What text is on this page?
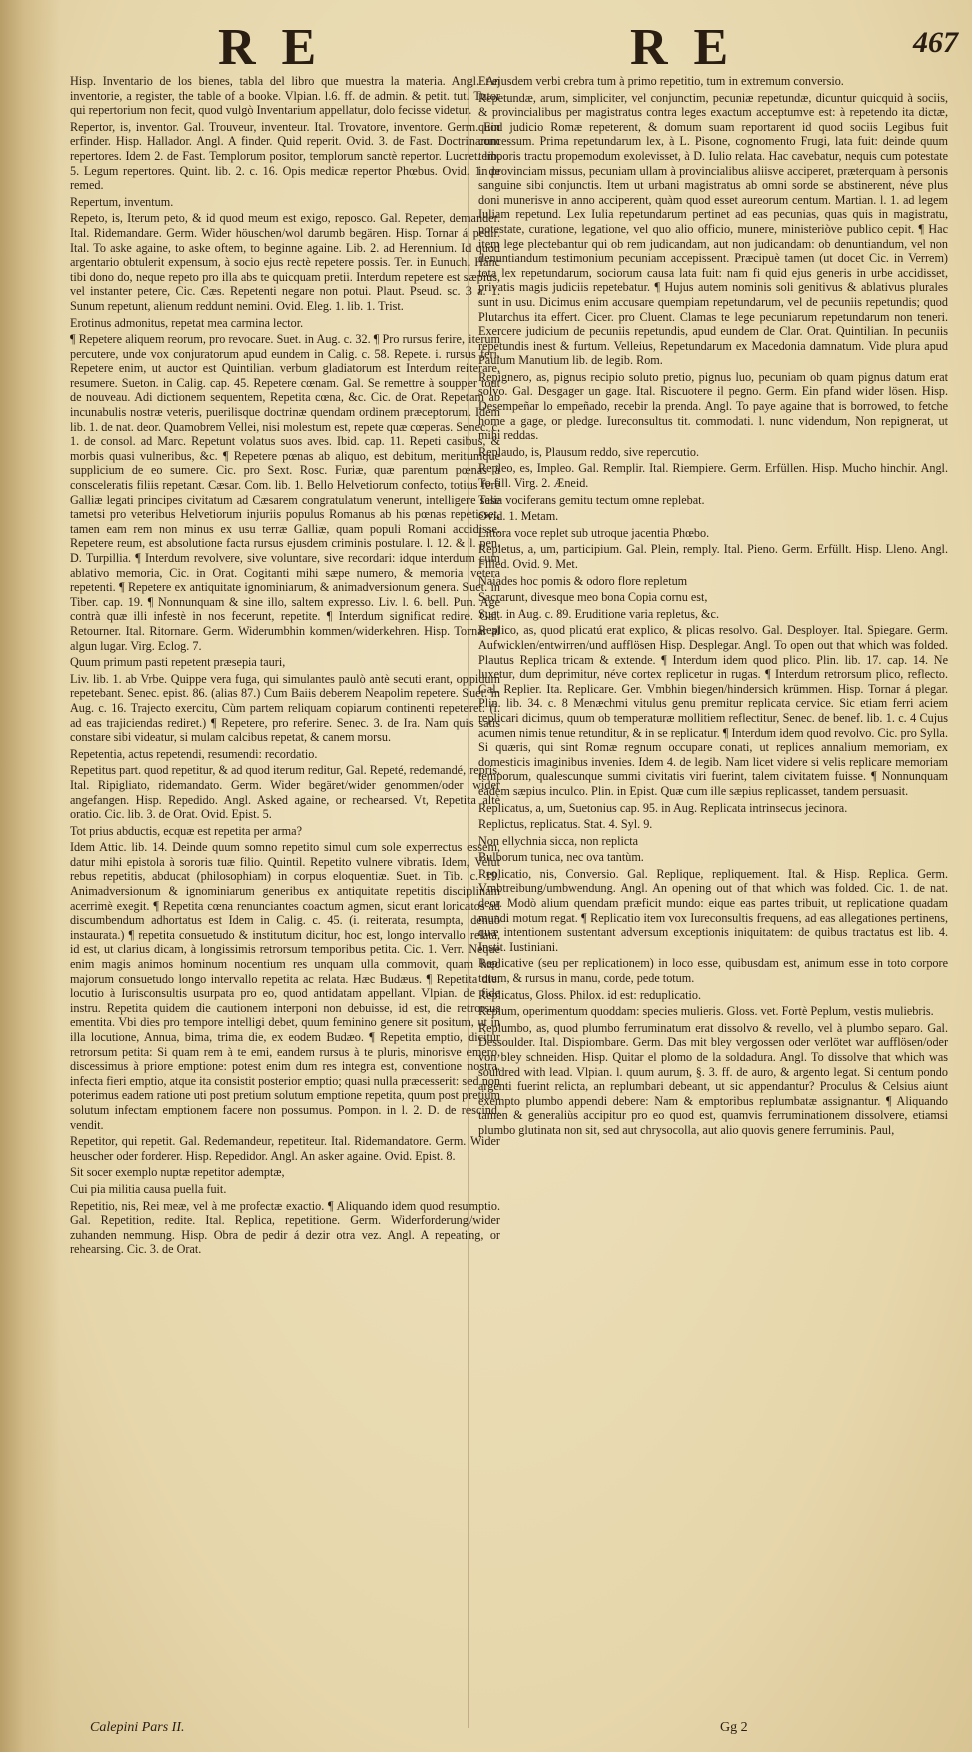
RE	RE	467

Hisp. Inventario de los bienes, tabla del libro que muestra la materia. Angl. An inventorie, a register, the table of a booke. Vlpian. l.6. ff. de admin. & petit. tut. Tutor qui repertorium non fecit, quod vulgò Inventarium appellatur, dolo fecisse videtur.

Repertor, is, inventor. Gal. Trouveur, inventeur. Ital. Trovatore, inventore. Germ. Ein erfinder. Hisp. Hallador. Angl. A finder. Quid reperit. Ovid. 3. de Fast. Doctrinarum repertores. Idem 2. de Fast. Templorum positor, templorum sanctè repertor. Lucret. lib. 5. Legum repertores. Quint. lib. 2. c. 16. Opis medicæ repertor Phœbus. Ovid. 1. de remed.

Repertum, inventum.

Repeto, is, Iterum peto, & id quod meum est exigo, reposco. Gal. Repeter, demander. Ital. Ridemandare. Germ. Wider höuschen/wol darumb begären. Hisp. Tornar á pedir. Ital. To aske againe, to aske oftem, to beginne againe. Lib. 2. ad Herennium. Id quod argentario obtulerit expensum, à socio ejus rectè repetere possis. Ter. in Eunuch. Hanc tibi dono do, neque repeto pro illa abs te quicquam pretii. Interdum repetere est sæpius, vel instanter petere, Cic. Cæs. Repetenti negare non potui. Plaut. Pseud. sc. 3 a. 1. Sunum repetunt, alienum reddunt nemini. Ovid. Eleg. 1. lib. 1. Trist.

Erotinus admonitus, repetat mea carmina lector.

¶ Repetere aliquem reorum, pro revocare. Suet. in Aug. c. 32. ¶ Pro rursus ferire, iterum percutere, unde vox conjuratorum apud eundem in Calig. c. 58. Repete. i. rursus feri. Repetere enim, ut auctor est Quintilian. verbum gladiatorum est Interdum reiterare, resumere. Sueton. in Calig. cap. 45. Repetere cœnam. Gal. Se remettre à soupper tout de nouveau. Adi dictionem sequentem, Repetita cœna, &c. Cic. de Orat. Repetam ab incunabulis nostræ veteris, puerilisque doctrinæ quendam ordinem præceptorum. Idem lib. 1. de nat. deor. Quamobrem Vellei, nisi molestum est, repete quæ cœperas. Senec. c. 1. de consol. ad Marc. Repetunt volatus suos aves. Ibid. cap. 11. Repeti casibus, & morbis quasi vulneribus, &c. ¶ Repetere pœnas ab aliquo, est debitum, meritumque supplicium de eo sumere. Cic. pro Sext. Rosc. Furiæ, quæ parentum pœnas à consceleratis filiis repetant. Cæsar. Com. lib. 1. Bello Helvetiorum confecto, totius ferè Galliæ legati principes civitatum ad Cæsarem congratulatum venerunt, intelligere sese tametsi pro veteribus Helvetiorum injuriis populus Romanus ab his pœnas repetisset, tamen eam rem non minus ex usu terræ Galliæ, quam populi Romani accidisse. Repetere reum, est absolutione facta rursus ejusdem criminis postulare. l. 12. & l. pen. D. Turpillia. ¶ Interdum revolvere, sive voluntare, sive recordari: idque interdum cum ablativo memoria, Cic. in Orat. Cogitanti mihi sæpe numero, & memoria vetera repetenti. ¶ Repetere ex antiquitate ignominiarum, & animadversionum genera. Suet. in Tiber. cap. 19. ¶ Nonnunquam & sine illo, saltem expresso. Liv. l. 6. bell. Pun. Age contrà quæ illi infestè in nos fecerunt, repetite. ¶ Interdum significat redire. Gal. Retourner. Ital. Ritornare. Germ. Widerumbhin kommen/widerkehren. Hisp. Tornar al algun lugar. Virg. Eclog. 7.

Quum primum pasti repetent præsepia tauri,

Liv. lib. 1. ab Vrbe. Quippe vera fuga, qui simulantes paulò antè secuti erant, oppidum repetebant. Senec. epist. 86. (alias 87.) Cum Baiis deberem Neapolim repetere. Suet. in Aug. c. 16. Trajecto exercitu, Cùm partem reliquam copiarum continenti repeteret: (i. ad eas trajiciendas rediret.) ¶ Repetere, pro referire. Senec. 3. de Ira. Nam quis satis constare sibi videatur, si mulam calcibus repetat, & canem morsu.

Repetentia, actus repetendi, resumendi: recordatio.

Repetitus part. quod repetitur, & ad quod iterum reditur, Gal. Repeté, redemandé, repris. Ital. Ripigliato, ridemandato. Germ. Wider begäret/wider genommen/oder wider angefangen. Hisp. Repedido. Angl. Asked againe, or rechearsed. Vt, Repetita altè oratio. Cic. lib. 3. de Orat. Ovid. Epist. 5.

Tot prius abductis, ecquæ est repetita per arma?

Idem Attic. lib. 14. Deinde quum somno repetito simul cum sole experrectus essem, datur mihi epistola à sororis tuæ filio. Quintil. Repetito vulnere vibratis. Idem, Velut rebus repetitis, abducat (philosophiam) in corpus eloquentiæ. Suet. in Tib. c. 19. Animadversionum & ignominiarum generibus ex antiquitate repetitis disciplinam acerrimè exegit. ¶ Repetita cœna renunciantes coactum agmen, sicut erant loricatos ad discumbendum adhortatus est Idem in Calig. c. 45. (i. reiterata, resumpta, denuò instaurata.) ¶ repetita consuetudo & institutum dicitur, hoc est, longo intervallo relata, id est, ut clarius dicam, à longissimis retrorsum temporibus petita. Cic. 1. Verr. Neque enim magis animos hominum nocentium res unquam ulla commovit, quam hæc majorum consuetudo longo intervallo repetita ac relata. Hæc Budæus. ¶ Repetita die: locutio à Iurisconsultis usurpata pro eo, quod antidatam appellant. Vlpian. de fide instru. Repetita quidem die cautionem interponi non debuisse, id est, die retrorsus ementita. Vbi dies pro tempore intelligi debet, quum feminino genere sit positum, ut in illa locutione, Annua, bima, trima die, ex eodem Budæo. ¶ Repetita emptio, dicitur retrorsum petita: Si quam rem à te emi, eandem rursus à te pluris, minorisve emero, discessimus à priore emptione: potest enim dum res integra est, conventione nostra, infecta fieri emptio, atque ita consistit posterior emptio; quasi nulla præcesserit: sed non poterimus eadem ratione uti post pretium solutum emptione repetita, quum post pretium solutum infectam emptionem facere non possumus. Pompon. in l. 2. D. de rescind. vendit.

Repetitor, qui repetit. Gal. Redemandeur, repetiteur. Ital. Ridemandatore. Germ. Wider heuscher oder forderer. Hisp. Repedidor. Angl. An asker againe. Ovid. Epist. 8.

Sit socer exemplo nuptæ repetitor ademptæ,

Cui pia militia causa puella fuit.

Repetitio, nis, Rei meæ, vel à me profectæ exactio. ¶ Aliquando idem quod resumptio. Gal. Repetition, redite. Ital. Replica, repetitione. Germ. Widerforderung/wider zuhanden nemmung. Hisp. Obra de pedir á dezir otra vez. Angl. A repeating, or rehearsing. Cic. 3. de Orat.

Et ejusdem verbi crebra tum à primo repetitio, tum in extremum conversio.

Repetundæ, arum, simpliciter, vel conjunctim, pecuniæ repetundæ, dicuntur quicquid à sociis, & provincialibus per magistratus contra leges exactum acceptumve est: à repetendo ita dictæ, quod judicio Romæ repeterent, & domum suam reportarent id quod sociis Legibus fuit concessum. Prima repetundarum lex, à L. Pisone, cognomento Frugi, lata fuit: deinde quum temporis tractu propemodum exolevisset, à D. Iulio relata. Hac cavebatur, nequis cum potestate in provinciam missus, pecuniam ullam à provincialibus aliisve acciperet, præterquam à personis sanguine sibi conjunctis. Item ut urbani magistratus ab omni sorde se abstinerent, néve plus doni munerisve in anno acciperent, quàm quod esset aureorum centum. Martian. l. 1. ad legem Iuliam repetund. Lex Iulia repetundarum pertinet ad eas pecunias, quas quis in magistratu, potestate, curatione, legatione, vel quo alio officio, munere, ministeriòve publico cepit. ¶ Hac item lege plectebantur qui ob rem judicandam, aut non judicandam: ob denuntiandum, vel non denuntiandum testimonium pecuniam accepissent. Præcipuè tamen (ut docet Cic. in Verrem) tota lex repetundarum, sociorum causa lata fuit: nam fi quid ejus generis in urbe accidisset, privatis magis judiciis repetebatur. ¶ Hujus autem nominis soli genitivus & ablativus plurales sunt in usu. Dicimus enim accusare quempiam repetundarum, vel de pecuniis repetundis; quod Plutarchus ita effert. Cicer. pro Cluent. Clamas te lege pecuniarum repetundarum non teneri. Exercere judicium de pecuniis repetundis, apud eundem de Clar. Orat. Quintilian. In pecuniis repetundis inest & furtum. Velleius, Repetundarum ex Macedonia damnatum. Vide plura apud Paulum Manutium lib. de legib. Rom.

Repignero, as, pignus recipio soluto pretio, pignus luo, pecuniam ob quam pignus datum erat solvo. Gal. Desgager un gage. Ital. Riscuotere il pegno. Germ. Ein pfand wider lösen. Hisp. Desempeñar lo empeñado, recebir la prenda. Angl. To paye againe that is borrowed, to fetche home a gage, or pledge. Iureconsultus tit. commodati. l. nunc videndum, Non repignerat, ut mihi reddas.

Replaudo, is, Plausum reddo, sive repercutio.

Repleo, es, Impleo. Gal. Remplir. Ital. Riempiere. Germ. Erfüllen. Hisp. Mucho hinchir. Angl. To fill. Virg. 2. Æneid.

Talia vociferans gemitu tectum omne replebat.

Ovid. 1. Metam.

Littora voce replet sub utroque jacentia Phœbo.

Repletus, a, um, participium. Gal. Plein, remply. Ital. Pieno. Germ. Erfüllt. Hisp. Lleno. Angl. Filled. Ovid. 9. Met.

Naiades hoc pomis & odoro flore repletum

Sacrarunt, divesque meo bona Copia cornu est,

Suet. in Aug. c. 89. Eruditione varia repletus, &c.

Replico, as, quod plicatú erat explico, & plicas resolvo. Gal. Desployer. Ital. Spiegare. Germ. Aufwicklen/entwirren/und aufflösen Hisp. Desplegar. Angl. To open out that which was folded. Plautus Replica tricam & extende. ¶ Interdum idem quod plico. Plin. lib. 17. cap. 14. Ne luxetur, dum deprimitur, néve cortex replicetur in rugas. ¶ Interdum retrorsum plico, reflecto. Gal. Replier. Ita. Replicare. Ger. Vmbhin biegen/hindersich krümmen. Hisp. Tornar á plegar. Plin. lib. 34. c. 8 Menæchmi vitulus genu premitur replicata cervice. Sic etiam ferri aciem replicari dicimus, quum ob temperaturæ mollitiem reflectitur, Senec. de benef. lib. 1. c. 4 Cujus acumen nimis tenue retunditur, & in se replicatur. ¶ Interdum idem quod revolvo. Cic. pro Sylla. Si quæris, qui sint Romæ regnum occupare conati, ut replices annalium memoriam, ex domesticis imaginibus invenies. Idem 4. de legib. Nam licet videre si velis replicare memoriam temporum, qualescunque summi civitatis viri fuerint, talem civitatem fuisse. ¶ Nonnunquam eadem sæpius inculco. Plin. in Epist. Quæ cum ille sæpius replicasset, tandem persuasit.

Replicatus, a, um, Suetonius cap. 95. in Aug. Replicata intrinsecus jecinora.

Replictus, replicatus. Stat. 4. Syl. 9.

Non ellychnia sicca, non replicta

Bulborum tunica, nec ova tantùm.

Replicatio, nis, Conversio. Gal. Replique, repliquement. Ital. & Hisp. Replica. Germ. Vmbtreibung/umbwendung. Angl. An opening out of that which was folded. Cic. 1. de nat. deor. Modò alium quendam præficit mundo: eique eas partes tribuit, ut replicatione quadam mundi motum regat. ¶ Replicatio item vox Iureconsultis frequens, ad eas allegationes pertinens, quæ intentionem sustentant adversum exceptionis iniquitatem: de quibus tractatus est lib. 4. Instit. Iustiniani.

Replicative (seu per replicationem) in loco esse, quibusdam est, animum esse in toto corpore totum, & rursus in manu, corde, pede totum.

Replicatus, Gloss. Philox. id est: reduplicatio.

Replum, operimentum quoddam: species mulieris. Gloss. vet. Fortè Peplum, vestis muliebris.

Replumbo, as, quod plumbo ferruminatum erat dissolvo & revello, vel à plumbo separo. Gal. Dessoulder. Ital. Dispiombare. Germ. Das mit bley vergossen oder verlötet war aufflösen/oder von bley schneiden. Hisp. Quitar el plomo de la soldadura. Angl. To dissolve that which was souldred with lead. Vlpian. l. quum aurum, §. 3. ff. de auro, & argento legat. Si centum pondo argenti fuerint relicta, an replumbari debeant, ut sic appendantur? Proculus & Celsius aiunt exempto plumbo appendi debere: Nam & emptoribus replumbatæ assignantur. ¶ Aliquando tamen & generaliùs accipitur pro eo quod est, quamvis ferruminationem dissolvere, etiamsi plumbo glutinata non sit, sed aut chrysocolla, aut alio quovis genere ferruminis. Paul,

Calepini Pars II.	Gg 2
